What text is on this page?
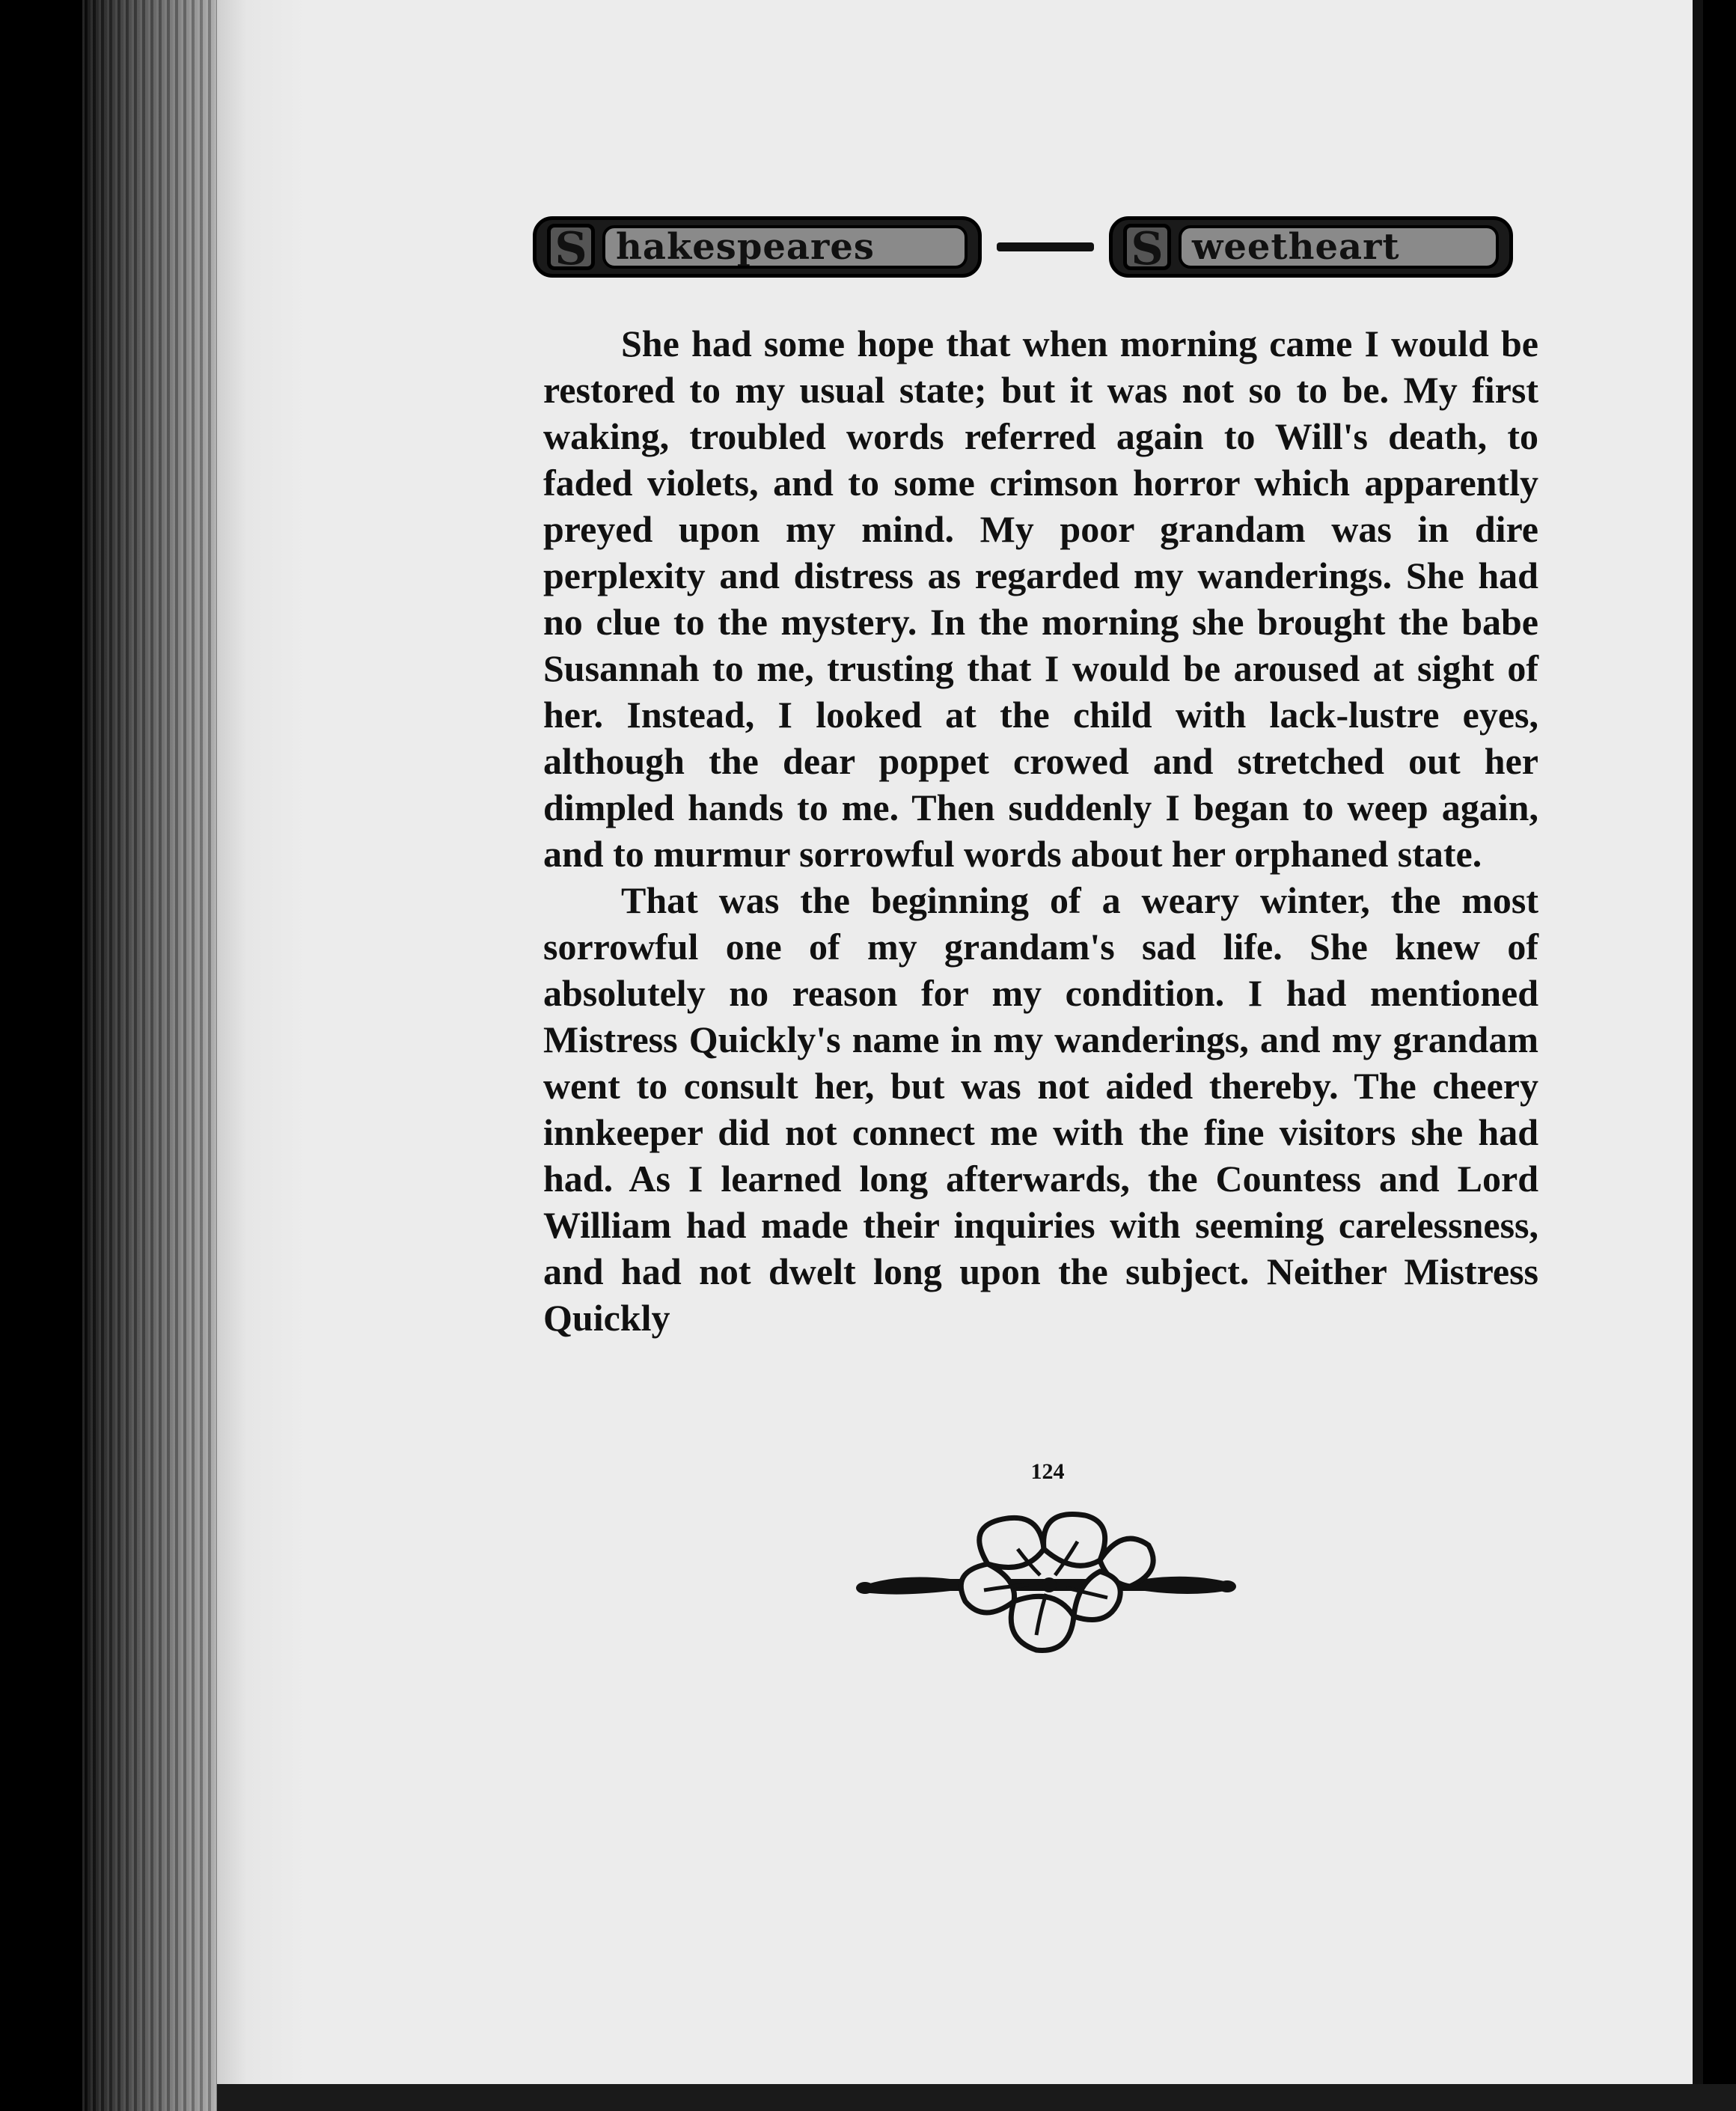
S hakespeares	S weetheart

She had some hope that when morning came I would be restored to my usual state; but it was not so to be. My first waking, troubled words referred again to Will's death, to faded violets, and to some crimson horror which apparently preyed upon my mind. My poor grandam was in dire perplexity and distress as regarded my wanderings. She had no clue to the mystery. In the morning she brought the babe Susannah to me, trusting that I would be aroused at sight of her. Instead, I looked at the child with lack-lustre eyes, although the dear poppet crowed and stretched out her dimpled hands to me. Then suddenly I began to weep again, and to murmur sorrowful words about her orphaned state.

That was the beginning of a weary winter, the most sorrowful one of my grandam's sad life. She knew of absolutely no reason for my condition. I had mentioned Mistress Quickly's name in my wanderings, and my grandam went to consult her, but was not aided thereby. The cheery innkeeper did not connect me with the fine visitors she had had. As I learned long afterwards, the Countess and Lord William had made their inquiries with seeming carelessness, and had not dwelt long upon the subject. Neither Mistress Quickly

124
